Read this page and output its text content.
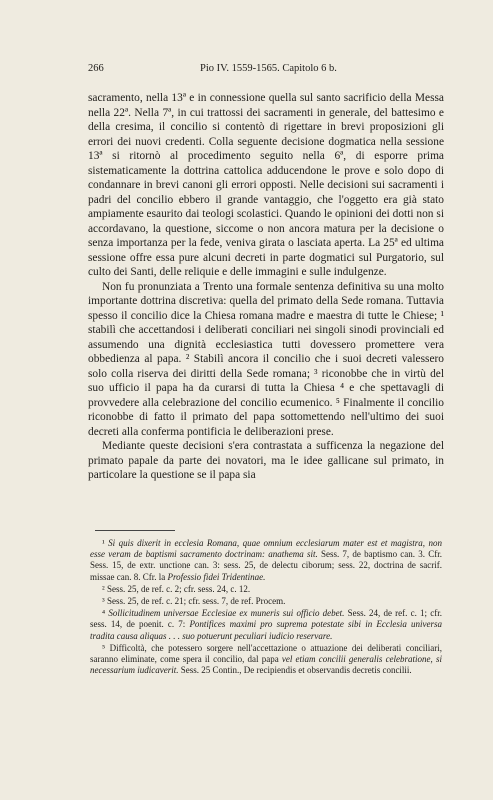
266	Pio IV. 1559-1565. Capitolo 6 b.

sacramento, nella 13ª e in connessione quella sul santo sacrificio della Messa nella 22ª. Nella 7ª, in cui trattossi dei sacramenti in generale, del battesimo e della cresima, il concilio si contentò di rigettare in brevi proposizioni gli errori dei nuovi credenti. Colla seguente decisione dogmatica nella sessione 13ª si ritornò al procedimento seguito nella 6ª, di esporre prima sistematicamente la dottrina cattolica adducendone le prove e solo dopo di condannare in brevi canoni gli errori opposti. Nelle decisioni sui sacramenti i padri del concilio ebbero il grande vantaggio, che l'oggetto era già stato ampiamente esaurito dai teologi scolastici. Quando le opinioni dei dotti non si accordavano, la questione, siccome o non ancora matura per la decisione o senza importanza per la fede, veniva girata o lasciata aperta. La 25ª ed ultima sessione offre essa pure alcuni decreti in parte dogmatici sul Purgatorio, sul culto dei Santi, delle reliquie e delle immagini e sulle indulgenze.

Non fu pronunziata a Trento una formale sentenza definitiva su una molto importante dottrina discretiva: quella del primato della Sede romana. Tuttavia spesso il concilio dice la Chiesa romana madre e maestra di tutte le Chiese; ¹ stabilì che accettandosi i deliberati conciliari nei singoli sinodi provinciali ed assumendo una dignità ecclesiastica tutti dovessero promettere vera obbedienza al papa. ² Stabilì ancora il concilio che i suoi decreti valessero solo colla riserva dei diritti della Sede romana; ³ riconobbe che in virtù del suo ufficio il papa ha da curarsi di tutta la Chiesa ⁴ e che spettavagli di provvedere alla celebrazione del concilio ecumenico. ⁵ Finalmente il concilio riconobbe di fatto il primato del papa sottomettendo nell'ultimo dei suoi decreti alla conferma pontificia le deliberazioni prese.

Mediante queste decisioni s'era contrastata a sufficenza la negazione del primato papale da parte dei novatori, ma le idee gallicane sul primato, in particolare la questione se il papa sia

¹ Si quis dixerit in ecclesia Romana, quae omnium ecclesiarum mater est et magistra, non esse veram de baptismi sacramento doctrinam: anathema sit. Sess. 7, de baptismo can. 3. Cfr. Sess. 15, de extr. unctione can. 3: sess. 25, de delectu ciborum; sess. 22, doctrina de sacrif. missae can. 8. Cfr. la Professio fidei Tridentinae.

² Sess. 25, de ref. c. 2; cfr. sess. 24, c. 12.

³ Sess. 25, de ref. c. 21; cfr. sess. 7, de ref. Procem.

⁴ Sollicitudinem universae Ecclesiae ex muneris sui officio debet. Sess. 24, de ref. c. 1; cfr. sess. 14, de poenit. c. 7: Pontifices maximi pro suprema potestate sibi in Ecclesia universa tradita causa aliquas . . . suo potuerunt peculiari iudicio reservare.

⁵ Difficoltà, che potessero sorgere nell'accettazione o attuazione dei deliberati conciliari, saranno eliminate, come spera il concilio, dal papa vel etiam concilii generalis celebratione, si necessarium iudicaverit. Sess. 25 Contin., De recipiendis et observandis decretis concilii.
